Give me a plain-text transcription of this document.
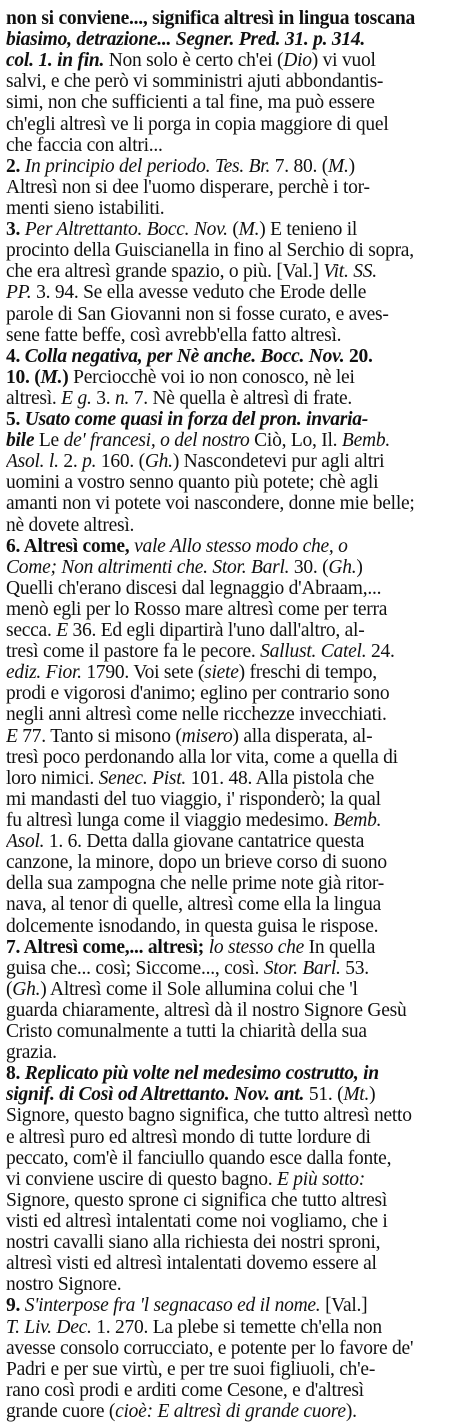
non si conviene..., significa altresì in lingua toscana
biasimo, detrazione... Segner. Pred. 31. p. 314.
col. 1. in fin. Non solo è certo ch'ei (Dio) vi vuol
salvi, e che però vi somministri ajuti abbondantis-
simi, non che sufficienti a tal fine, ma può essere
ch'egli altresì ve li porga in copia maggiore di quel
che faccia con altri...
2. In principio del periodo. Tes. Br. 7. 80. (M.)
Altresì non si dee l'uomo disperare, perchè i tor-
menti sieno istabiliti.
3. Per Altrettanto. Bocc. Nov. (M.) E tenieno il
procinto della Guiscianella in fino al Serchio di sopra,
che era altresì grande spazio, o più. [Val.] Vit. SS.
PP. 3. 94. Se ella avesse veduto che Erode delle
parole di San Giovanni non si fosse curato, e aves-
sene fatte beffe, così avrebb'ella fatto altresì.
4. Colla negativa, per Nè anche. Bocc. Nov. 20.
10. (M.) Perciocchè voi io non conosco, nè lei
altresì. E g. 3. n. 7. Nè quella è altresì di frate.
5. Usato come quasi in forza del pron. invaria-
bile Le de' francesi, o del nostro Ciò, Lo, Il. Bemb.
Asol. l. 2. p. 160. (Gh.) Nascondetevi pur agli altri
uomini a vostro senno quanto più potete; chè agli
amanti non vi potete voi nascondere, donne mie belle;
nè dovete altresì.
6. Altresì come, vale Allo stesso modo che, o
Come; Non altrimenti che. Stor. Barl. 30. (Gh.)
Quelli ch'erano discesi dal legnaggio d'Abraam,...
menò egli per lo Rosso mare altresì come per terra
secca. E 36. Ed egli dipartirà l'uno dall'altro, al-
tresì come il pastore fa le pecore. Sallust. Catel. 24.
ediz. Fior. 1790. Voi sete (siete) freschi di tempo,
prodi e vigorosi d'animo; eglino per contrario sono
negli anni altresì come nelle ricchezze invecchiati.
E 77. Tanto si misono (misero) alla disperata, al-
tresì poco perdonando alla lor vita, come a quella di
loro nimici. Senec. Pist. 101. 48. Alla pistola che
mi mandasti del tuo viaggio, i' risponderò; la qual
fu altresì lunga come il viaggio medesimo. Bemb.
Asol. 1. 6. Detta dalla giovane cantatrice questa
canzone, la minore, dopo un brieve corso di suono
della sua zampogna che nelle prime note già ritor-
nava, al tenor di quelle, altresì come ella la lingua
dolcemente isnodando, in questa guisa le rispose.
7. Altresì come,... altresì; lo stesso che In quella
guisa che... così; Siccome..., così. Stor. Barl. 53.
(Gh.) Altresì come il Sole allumina colui che 'l
guarda chiaramente, altresì dà il nostro Signore Gesù
Cristo comunalmente a tutti la chiarità della sua
grazia.
8. Replicato più volte nel medesimo costrutto, in
signif. di Così od Altrettanto. Nov. ant. 51. (Mt.)
Signore, questo bagno significa, che tutto altresì netto
e altresì puro ed altresì mondo di tutte lordure di
peccato, com'è il fanciullo quando esce dalla fonte,
vi conviene uscire di questo bagno. E più sotto:
Signore, questo sprone ci significa che tutto altresì
visti ed altresì intalentati come noi vogliamo, che i
nostri cavalli siano alla richiesta dei nostri sproni,
altresì visti ed altresì intalentati dovemo essere al
nostro Signore.
9. S'interpose fra 'l segnacaso ed il nome. [Val.]
T. Liv. Dec. 1. 270. La plebe si temette ch'ella non
avesse consolo corrucciato, e potente per lo favore de'
Padri e per sue virtù, e per tre suoi figliuoli, ch'e-
rano così prodi e arditi come Cesone, e d'altresì
grande cuore (cioè: E altresì di grande cuore).
